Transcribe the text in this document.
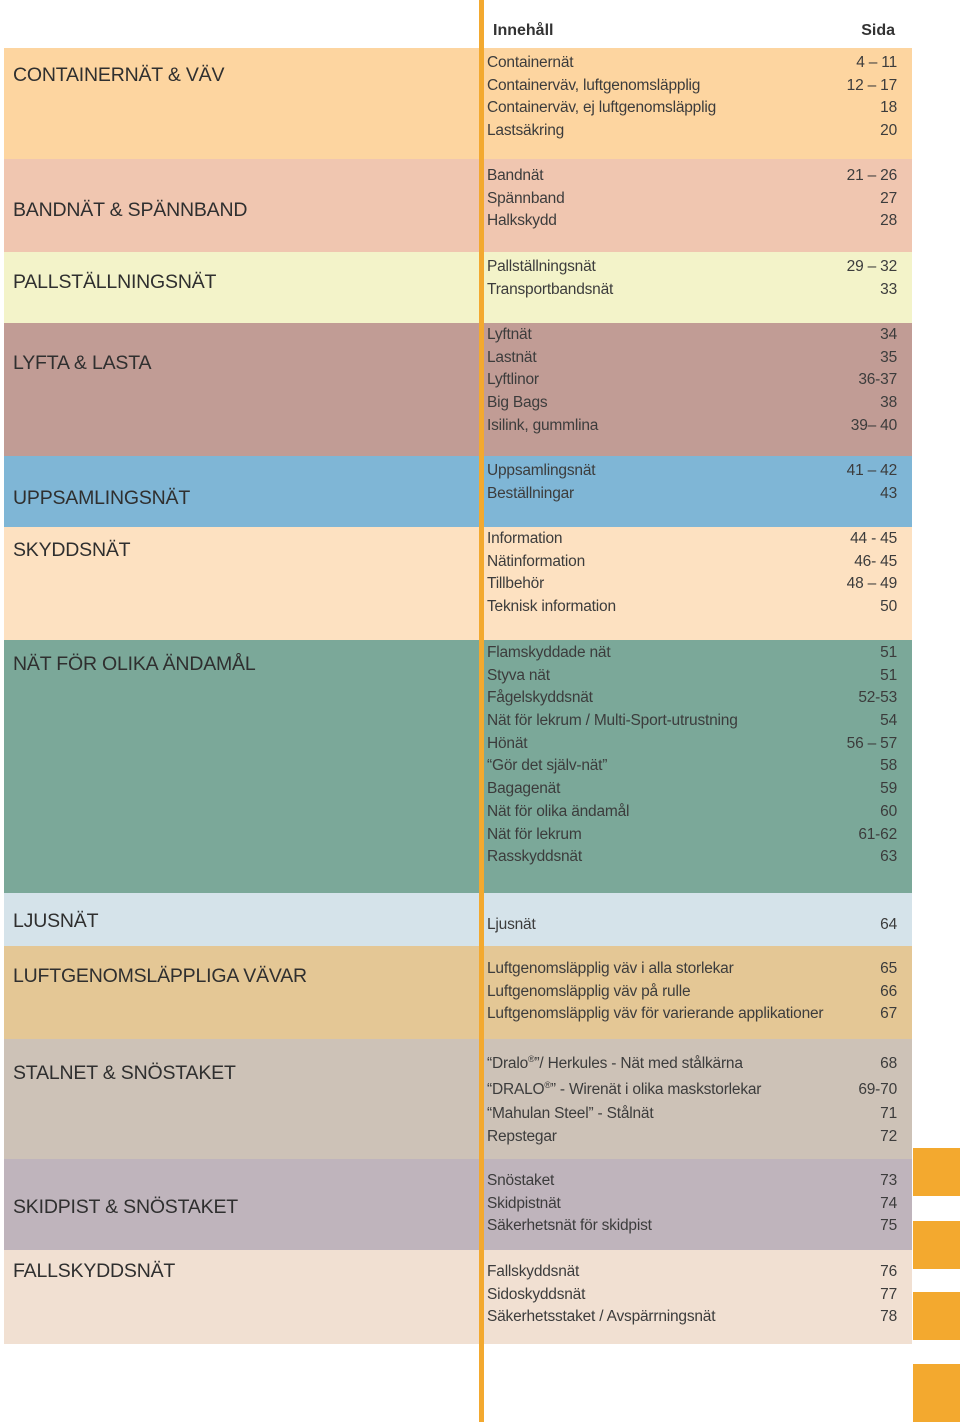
Innehåll	Sida
CONTAINERNÄT & VÄV
Containernät	4 – 11
Containerväv, luftgenomsläpplig	12 – 17
Containerväv, ej luftgenomsläpplig	18
Lastsäkring	20
BANDNÄT & SPÄNNBAND
Bandnät	21 – 26
Spännband	27
Halkskydd	28
PALLSTÄLLNINGSNÄT
Pallställningsnät	29 – 32
Transportbandsnät	33
LYFTA & LASTA
Lyftnät	34
Lastnät	35
Lyftlinor	36-37
Big Bags	38
Isilink, gummlina	39– 40
UPPSAMLINGSNÄT
Uppsamlingsnät	41 – 42
Beställningar	43
SKYDDSNÄT
Information	44 - 45
Nätinformation	46- 45
Tillbehör	48 – 49
Teknisk information	50
NÄT FÖR OLIKA ÄNDAMÅL
Flamskyddade nät	51
Styva nät	51
Fågelskyddsnät	52-53
Nät för lekrum / Multi-Sport-utrustning	54
Hönät	56 – 57
“Gör det själv-nät”	58
Bagagenät	59
Nät för olika ändamål	60
Nät för lekrum	61-62
Rasskyddsnät	63
LJUSNÄT	Ljusnät	64
LUFTGENOMSLÄPPLIGA VÄVAR	Luftgenomsläpplig väv i alla storlekar	65
Luftgenomsläpplig väv på rulle	66
Luftgenomsläpplig väv för varierande applikationer	67
STALNET & SNÖSTAKET	“Dralo®”/ Herkules - Nät med stålkärna	68
“DRALO®” - Wirenät i olika maskstorlekar	69-70
“Mahulan Steel” - Stålnät	71
Repstegar	72
SKIDPIST & SNÖSTAKET
Snöstaket	73
Skidpistnät	74
Säkerhetsnät för skidpist	75
FALLSKYDDSNÄT	Fallskyddsnät	76
Sidoskyddsnät	77
Säkerhetsstaket / Avspärrningsnät	78
